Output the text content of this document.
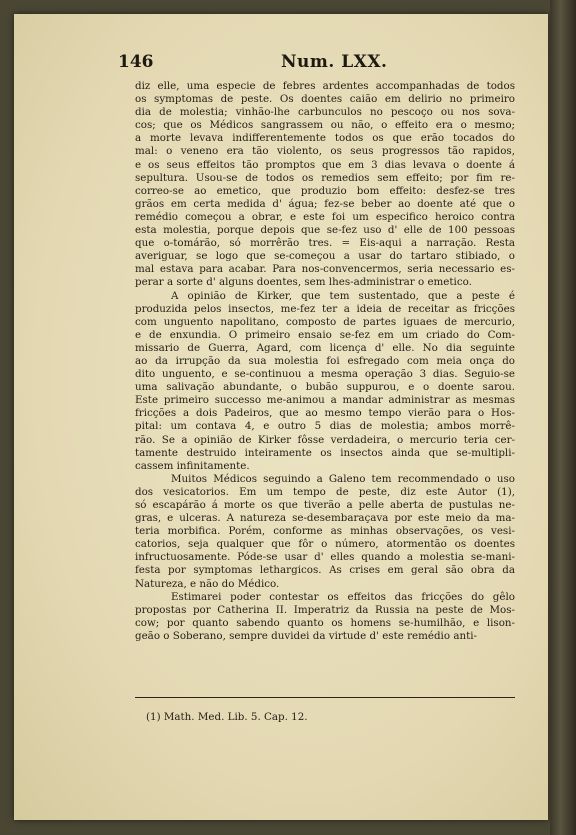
146	Num. LXX.
diz elle, uma especie de febres ardentes accompanhadas de todos
os symptomas de peste. Os doentes caião em delirio no primeiro
dia de molestia; vinhão-lhe carbunculos no pescoço ou nos sova-
cos; que os Médicos sangrassem ou não, o effeito era o mesmo;
a morte levava indifferentemente todos os que erão tocados do
mal: o veneno era tão violento, os seus progressos tão rapidos,
e os seus effeitos tão promptos que em 3 dias levava o doente á
sepultura. Usou-se de todos os remedios sem effeito; por fim re-
correo-se ao emetico, que produzio bom effeito: desfez-se tres
grãos em certa medida d' água; fez-se beber ao doente até que o
remédio começou a obrar, e este foi um especifico heroico contra
esta molestia, porque depois que se-fez uso d' elle de 100 pessoas
que o-tomárão, só morrêrão tres. = Eis-aqui a narração. Resta
averiguar, se logo que se-começou a usar do tartaro stibiado, o
mal estava para acabar. Para nos-convencermos, seria necessario es-
perar a sorte d' alguns doentes, sem lhes-administrar o emetico.
A opinião de Kirker, que tem sustentado, que a peste é
produzida pelos insectos, me-fez ter a ideia de receitar as fricções
com unguento napolitano, composto de partes iguaes de mercurio,
e de enxundia. O primeiro ensaio se-fez em um criado do Com-
missario de Guerra, Agard, com licença d' elle. No dia seguinte
ao da irrupção da sua molestia foi esfregado com meia onça do
dito unguento, e se-continuou a mesma operação 3 dias. Seguio-se
uma salivação abundante, o bubão suppurou, e o doente sarou.
Este primeiro successo me-animou a mandar administrar as mesmas
fricções a dois Padeiros, que ao mesmo tempo vierão para o Hos-
pital: um contava 4, e outro 5 dias de molestia; ambos morrê-
rão. Se a opinião de Kirker fôsse verdadeira, o mercurio teria cer-
tamente destruido inteiramente os insectos ainda que se-multipli-
cassem infinitamente.
Muitos Médicos seguindo a Galeno tem recommendado o uso
dos vesicatorios. Em um tempo de peste, diz este Autor (1),
só escapárão á morte os que tiverão a pelle aberta de pustulas ne-
gras, e ulceras. A natureza se-desembaraçava por este meio da ma-
teria morbifica. Porém, conforme as minhas observações, os vesi-
catorios, seja qualquer que fôr o número, atormentão os doentes
infructuosamente. Póde-se usar d' elles quando a molestia se-mani-
festa por symptomas lethargicos. As crises em geral são obra da
Natureza, e não do Médico.
Estimarei poder contestar os effeitos das fricções do gêlo
propostas por Catherina II. Imperatriz da Russia na peste de Mos-
cow; por quanto sabendo quanto os homens se-humilhão, e lison-
geão o Soberano, sempre duvidei da virtude d' este remédio anti-
(1) Math. Med. Lib. 5. Cap. 12.
